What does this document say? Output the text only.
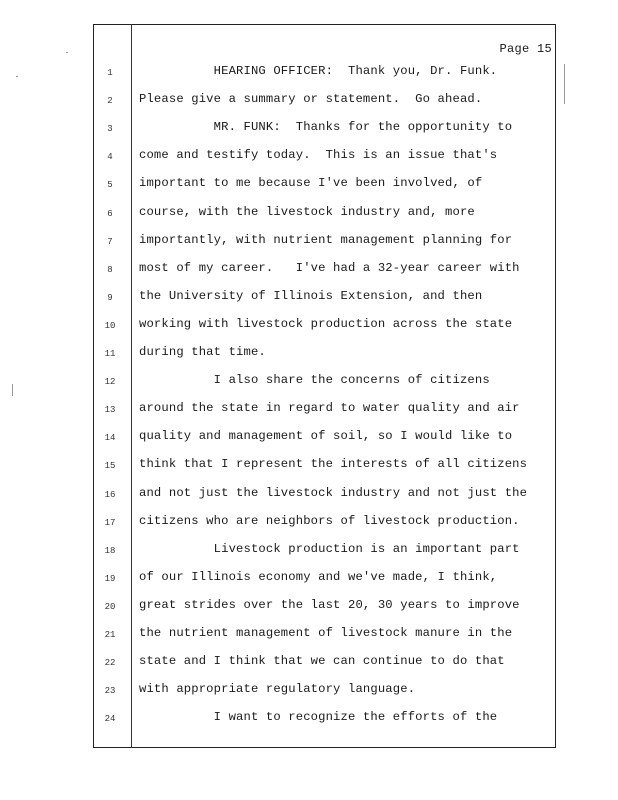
Page 15
1	HEARING OFFICER:  Thank you, Dr. Funk.
2	Please give a summary or statement.  Go ahead.
3	MR. FUNK:  Thanks for the opportunity to
4	come and testify today.  This is an issue that's
5	important to me because I've been involved, of
6	course, with the livestock industry and, more
7	importantly, with nutrient management planning for
8	most of my career.   I've had a 32-year career with
9	the University of Illinois Extension, and then
10	working with livestock production across the state
11	during that time.
12	I also share the concerns of citizens
13	around the state in regard to water quality and air
14	quality and management of soil, so I would like to
15	think that I represent the interests of all citizens
16	and not just the livestock industry and not just the
17	citizens who are neighbors of livestock production.
18	Livestock production is an important part
19	of our Illinois economy and we've made, I think,
20	great strides over the last 20, 30 years to improve
21	the nutrient management of livestock manure in the
22	state and I think that we can continue to do that
23	with appropriate regulatory language.
24	I want to recognize the efforts of the
